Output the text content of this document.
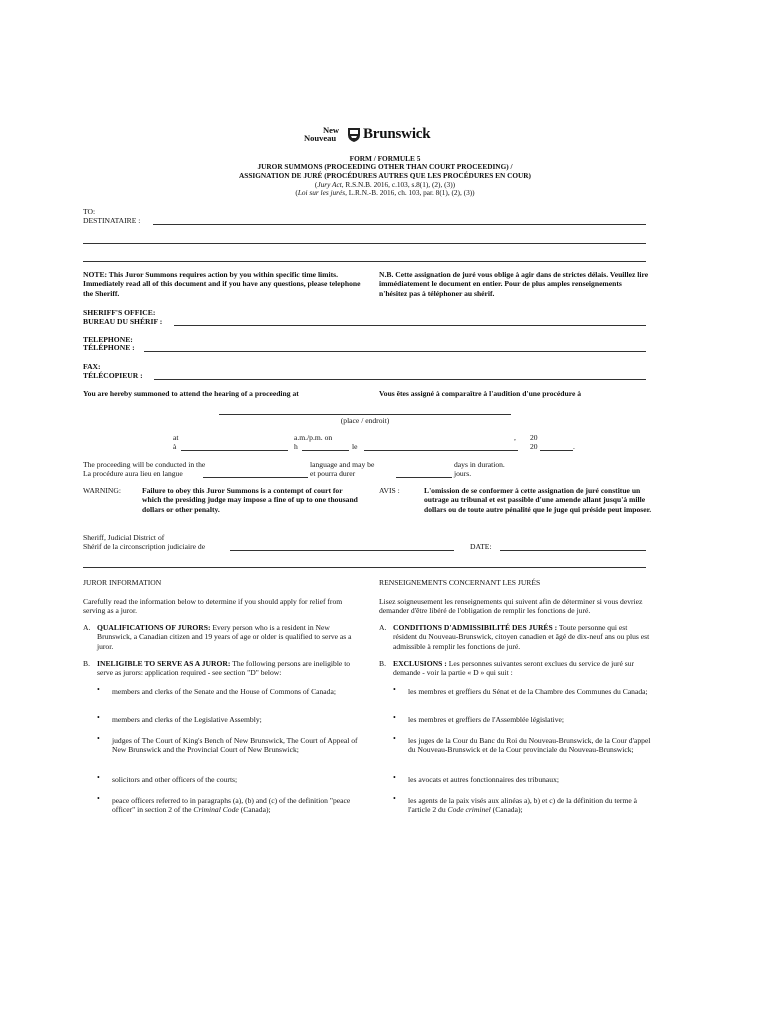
New
Nouveau Brunswick
FORM / FORMULE 5
JUROR SUMMONS (PROCEEDING OTHER THAN COURT PROCEEDING) /
ASSIGNATION DE JURÉ (PROCÉDURES AUTRES QUE LES PROCÉDURES EN COUR)
(Jury Act, R.S.N.B. 2016, c.103, s.8(1), (2), (3))
(Loi sur les jurés, L.R.N.-B. 2016, ch. 103, par. 8(1), (2), (3))
TO:
DESTINATAIRE :
NOTE: This Juror Summons requires action by you within specific time limits. Immediately read all of this document and if you have any questions, please telephone the Sheriff.
N.B. Cette assignation de juré vous oblige à agir dans de strictes délais. Veuillez lire immédiatement le document en entier. Pour de plus amples renseignements n'hésitez pas à téléphoner au shérif.
SHERIFF'S OFFICE:
BUREAU DU SHÉRIF :
TELEPHONE:
TÉLÉPHONE :
FAX:
TÉLÉCOPIEUR :
You are hereby summoned to attend the hearing of a proceeding at	Vous êtes assigné à comparaître à l'audition d'une procédure à
(place / endroit)
at
à
a.m./p.m. on
h	le
, 20
20	.
The proceeding will be conducted in the
La procédure aura lieu en langue
language and may be
et pourra durer
days in duration.
jours.
WARNING:	Failure to obey this Juror Summons is a contempt of court for which the presiding judge may impose a fine of up to one thousand dollars or other penalty.
AVIS :	L'omission de se conformer à cette assignation de juré constitue un outrage au tribunal et est passible d'une amende allant jusqu'à mille dollars ou de toute autre pénalité que le juge qui préside peut imposer.
Sheriff, Judicial District of
Shérif de la circonscription judiciaire de	DATE:
JUROR INFORMATION	RENSEIGNEMENTS CONCERNANT LES JURÉS
Carefully read the information below to determine if you should apply for relief from serving as a juror.
Lisez soigneusement les renseignements qui suivent afin de déterminer si vous devriez demander d'être libéré de l'obligation de remplir les fonctions de juré.
A. QUALIFICATIONS OF JURORS: Every person who is a resident in New Brunswick, a Canadian citizen and 19 years of age or older is qualified to serve as a juror.
A. CONDITIONS D'ADMISSIBILITÉ DES JURÉS : Toute personne qui est résident du Nouveau-Brunswick, citoyen canadien et âgé de dix-neuf ans ou plus est admissible à remplir les fonctions de juré.
B. INELIGIBLE TO SERVE AS A JUROR: The following persons are ineligible to serve as jurors: application required - see section "D" below:
B. EXCLUSIONS : Les personnes suivantes seront exclues du service de juré sur demande - voir la partie « D » qui suit :
• members and clerks of the Senate and the House of Commons of Canada;
• members and clerks of the Legislative Assembly;
• judges of The Court of King's Bench of New Brunswick, The Court of Appeal of New Brunswick and the Provincial Court of New Brunswick;
• solicitors and other officers of the courts;
• peace officers referred to in paragraphs (a), (b) and (c) of the definition "peace officer" in section 2 of the Criminal Code (Canada);
• les membres et greffiers du Sénat et de la Chambre des Communes du Canada;
• les membres et greffiers de l'Assemblée législative;
• les juges de la Cour du Banc du Roi du Nouveau-Brunswick, de la Cour d'appel du Nouveau-Brunswick et de la Cour provinciale du Nouveau-Brunswick;
• les avocats et autres fonctionnaires des tribunaux;
• les agents de la paix visés aux alinéas a), b) et c) de la définition du terme à l'article 2 du Code criminel (Canada);
